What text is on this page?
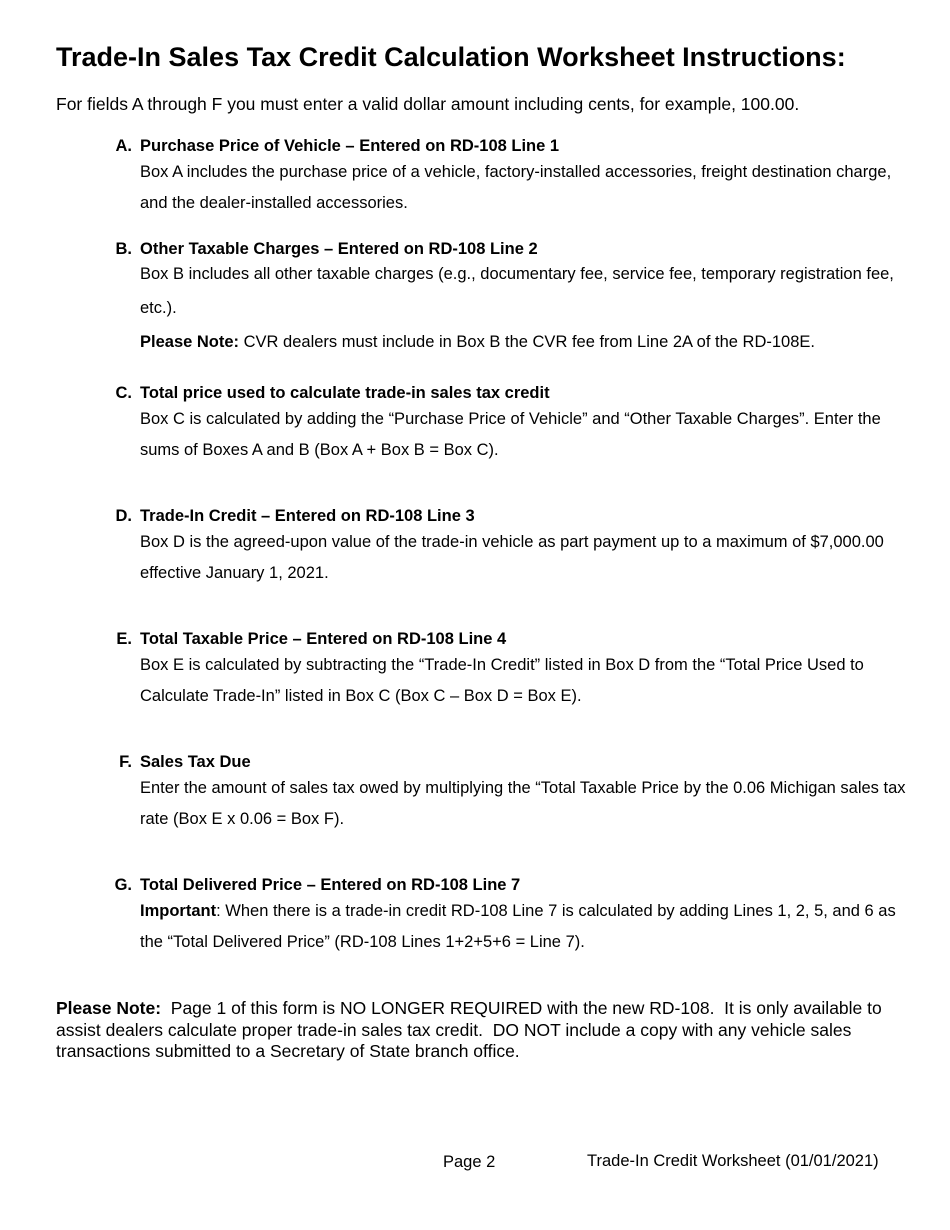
Trade-In Sales Tax Credit Calculation Worksheet Instructions:
For fields A through F you must enter a valid dollar amount including cents, for example, 100.00.
A. Purchase Price of Vehicle – Entered on RD-108 Line 1

Box A includes the purchase price of a vehicle, factory-installed accessories, freight destination charge, and the dealer-installed accessories.

B. Other Taxable Charges – Entered on RD-108 Line 2

Box B includes all other taxable charges (e.g., documentary fee, service fee, temporary registration fee, etc.).

Please Note: CVR dealers must include in Box B the CVR fee from Line 2A of the RD-108E.

C. Total price used to calculate trade-in sales tax credit

Box C is calculated by adding the “Purchase Price of Vehicle” and “Other Taxable Charges”. Enter the sums of Boxes A and B (Box A + Box B = Box C).

D. Trade-In Credit – Entered on RD-108 Line 3

Box D is the agreed-upon value of the trade-in vehicle as part payment up to a maximum of $7,000.00 effective January 1, 2021.

E. Total Taxable Price – Entered on RD-108 Line 4

Box E is calculated by subtracting the “Trade-In Credit” listed in Box D from the “Total Price Used to Calculate Trade-In” listed in Box C (Box C – Box D = Box E).

F. Sales Tax Due

Enter the amount of sales tax owed by multiplying the “Total Taxable Price by the 0.06 Michigan sales tax rate (Box E x 0.06 = Box F).

G. Total Delivered Price – Entered on RD-108 Line 7

Important: When there is a trade-in credit RD-108 Line 7 is calculated by adding Lines 1, 2, 5, and 6 as the “Total Delivered Price” (RD-108 Lines 1+2+5+6 = Line 7).

Please Note:  Page 1 of this form is NO LONGER REQUIRED with the new RD-108.  It is only available to assist dealers calculate proper trade-in sales tax credit.  DO NOT include a copy with any vehicle sales transactions submitted to a Secretary of State branch office.
Page 2	Trade-In Credit Worksheet (01/01/2021)
